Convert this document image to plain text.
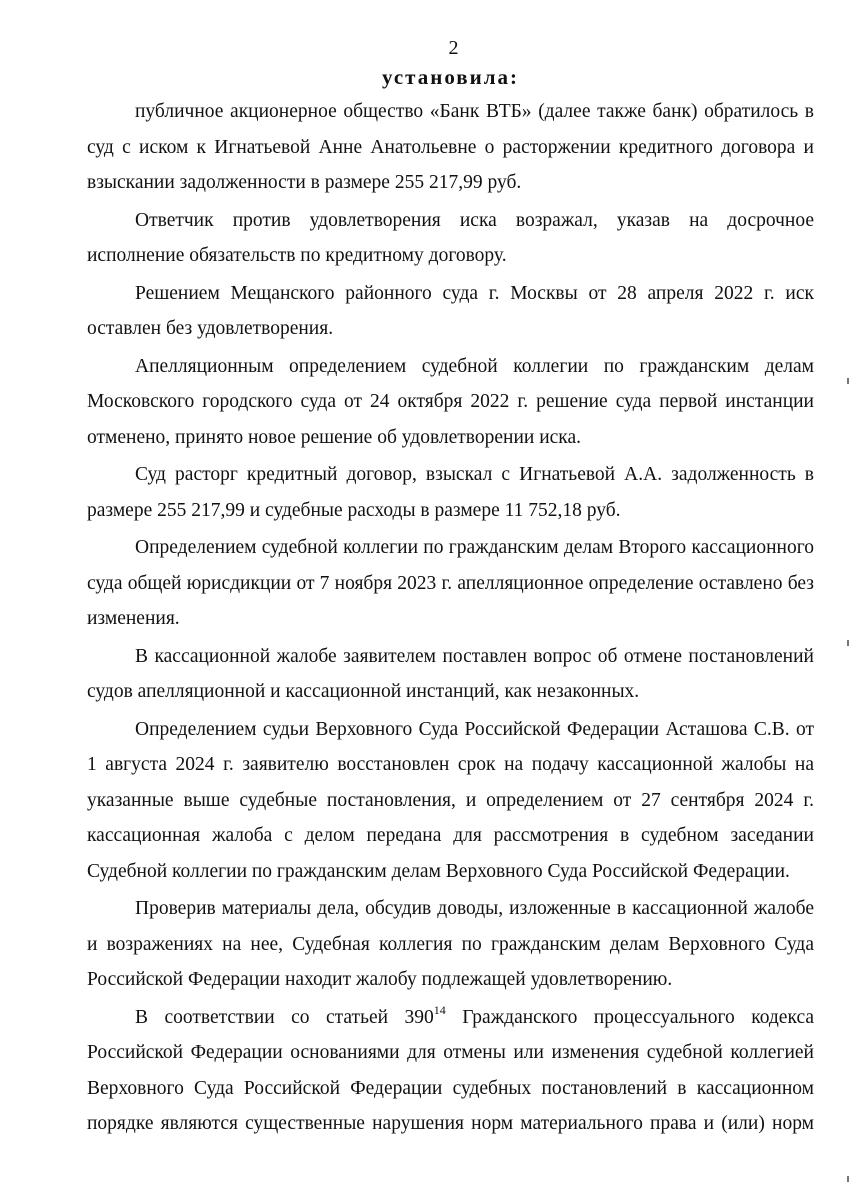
2
установила:

публичное акционерное общество «Банк ВТБ» (далее также банк) обратилось в суд с иском к Игнатьевой Анне Анатольевне о расторжении кредитного договора и взыскании задолженности в размере 255 217,99 руб.

Ответчик против удовлетворения иска возражал, указав на досрочное исполнение обязательств по кредитному договору.

Решением Мещанского районного суда г. Москвы от 28 апреля 2022 г. иск оставлен без удовлетворения.

Апелляционным определением судебной коллегии по гражданским делам Московского городского суда от 24 октября 2022 г. решение суда первой инстанции отменено, принято новое решение об удовлетворении иска.

Суд расторг кредитный договор, взыскал с Игнатьевой А.А. задолженность в размере 255 217,99 и судебные расходы в размере 11 752,18 руб.

Определением судебной коллегии по гражданским делам Второго кассационного суда общей юрисдикции от 7 ноября 2023 г. апелляционное определение оставлено без изменения.

В кассационной жалобе заявителем поставлен вопрос об отмене постановлений судов апелляционной и кассационной инстанций, как незаконных.

Определением судьи Верховного Суда Российской Федерации Асташова С.В. от 1 августа 2024 г. заявителю восстановлен срок на подачу кассационной жалобы на указанные выше судебные постановления, и определением от 27 сентября 2024 г. кассационная жалоба с делом передана для рассмотрения в судебном заседании Судебной коллегии по гражданским делам Верховного Суда Российской Федерации.

Проверив материалы дела, обсудив доводы, изложенные в кассационной жалобе и возражениях на нее, Судебная коллегия по гражданским делам Верховного Суда Российской Федерации находит жалобу подлежащей удовлетворению.

В соответствии со статьей $390^{14}$ Гражданского процессуального кодекса Российской Федерации основаниями для отмены или изменения судебной коллегией Верховного Суда Российской Федерации судебных постановлений в кассационном порядке являются существенные нарушения норм материального права и (или) норм
